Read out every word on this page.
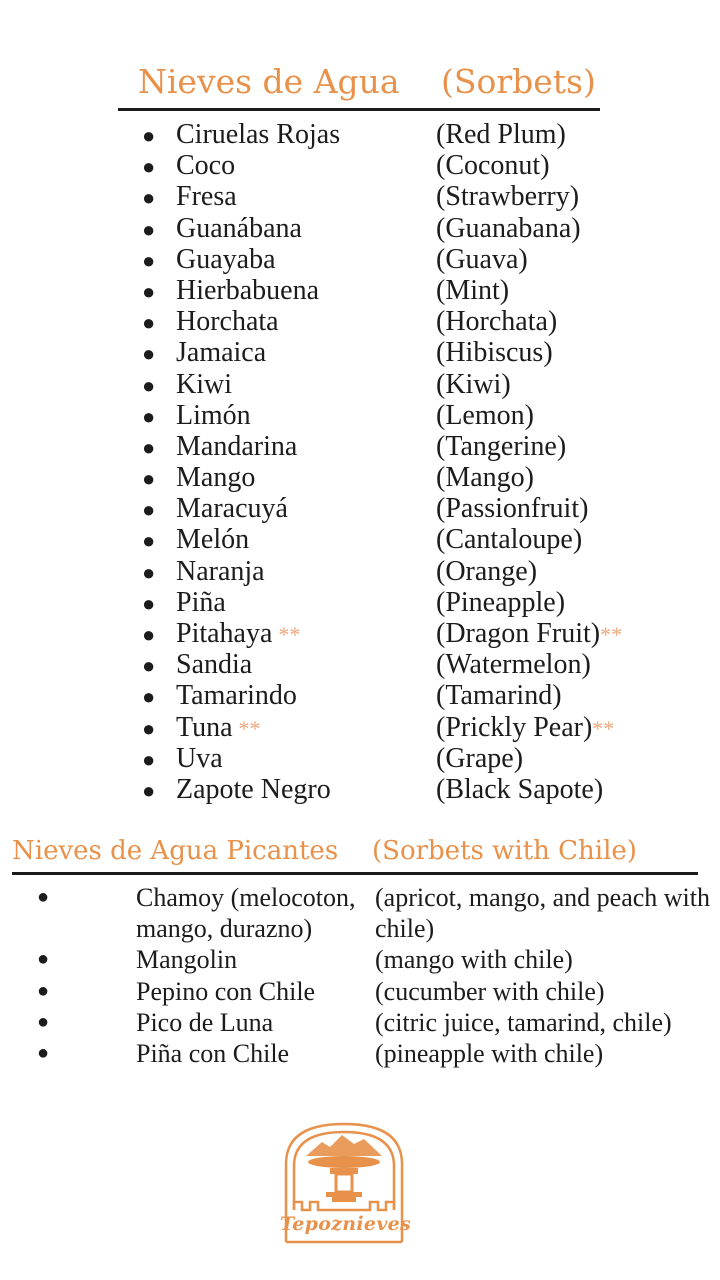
Nieves de Agua (Sorbets)
● Ciruelas Rojas	(Red Plum)
● Coco	(Coconut)
● Fresa	(Strawberry)
● Guanábana	(Guanabana)
● Guayaba	(Guava)
● Hierbabuena	(Mint)
● Horchata	(Horchata)
● Jamaica	(Hibiscus)
● Kiwi	(Kiwi)
● Limón	(Lemon)
● Mandarina	(Tangerine)
● Mango	(Mango)
● Maracuyá	(Passionfruit)
● Melón	(Cantaloupe)
● Naranja	(Orange)
● Piña	(Pineapple)
● Pitahaya **	(Dragon Fruit)**
● Sandia	(Watermelon)
● Tamarindo	(Tamarind)
● Tuna **	(Prickly Pear)**
● Uva	(Grape)
● Zapote Negro	(Black Sapote)
Nieves de Agua Picantes (Sorbets with Chile)
●	Chamoy (melocoton, mango, durazno)
(apricot, mango, and peach with chile)
●	Mangolin	(mango with chile)
●	Pepino con Chile	(cucumber with chile)
●	Pico de Luna	(citric juice, tamarind, chile)
●	Piña con Chile	(pineapple with chile)
Tepoznieves
